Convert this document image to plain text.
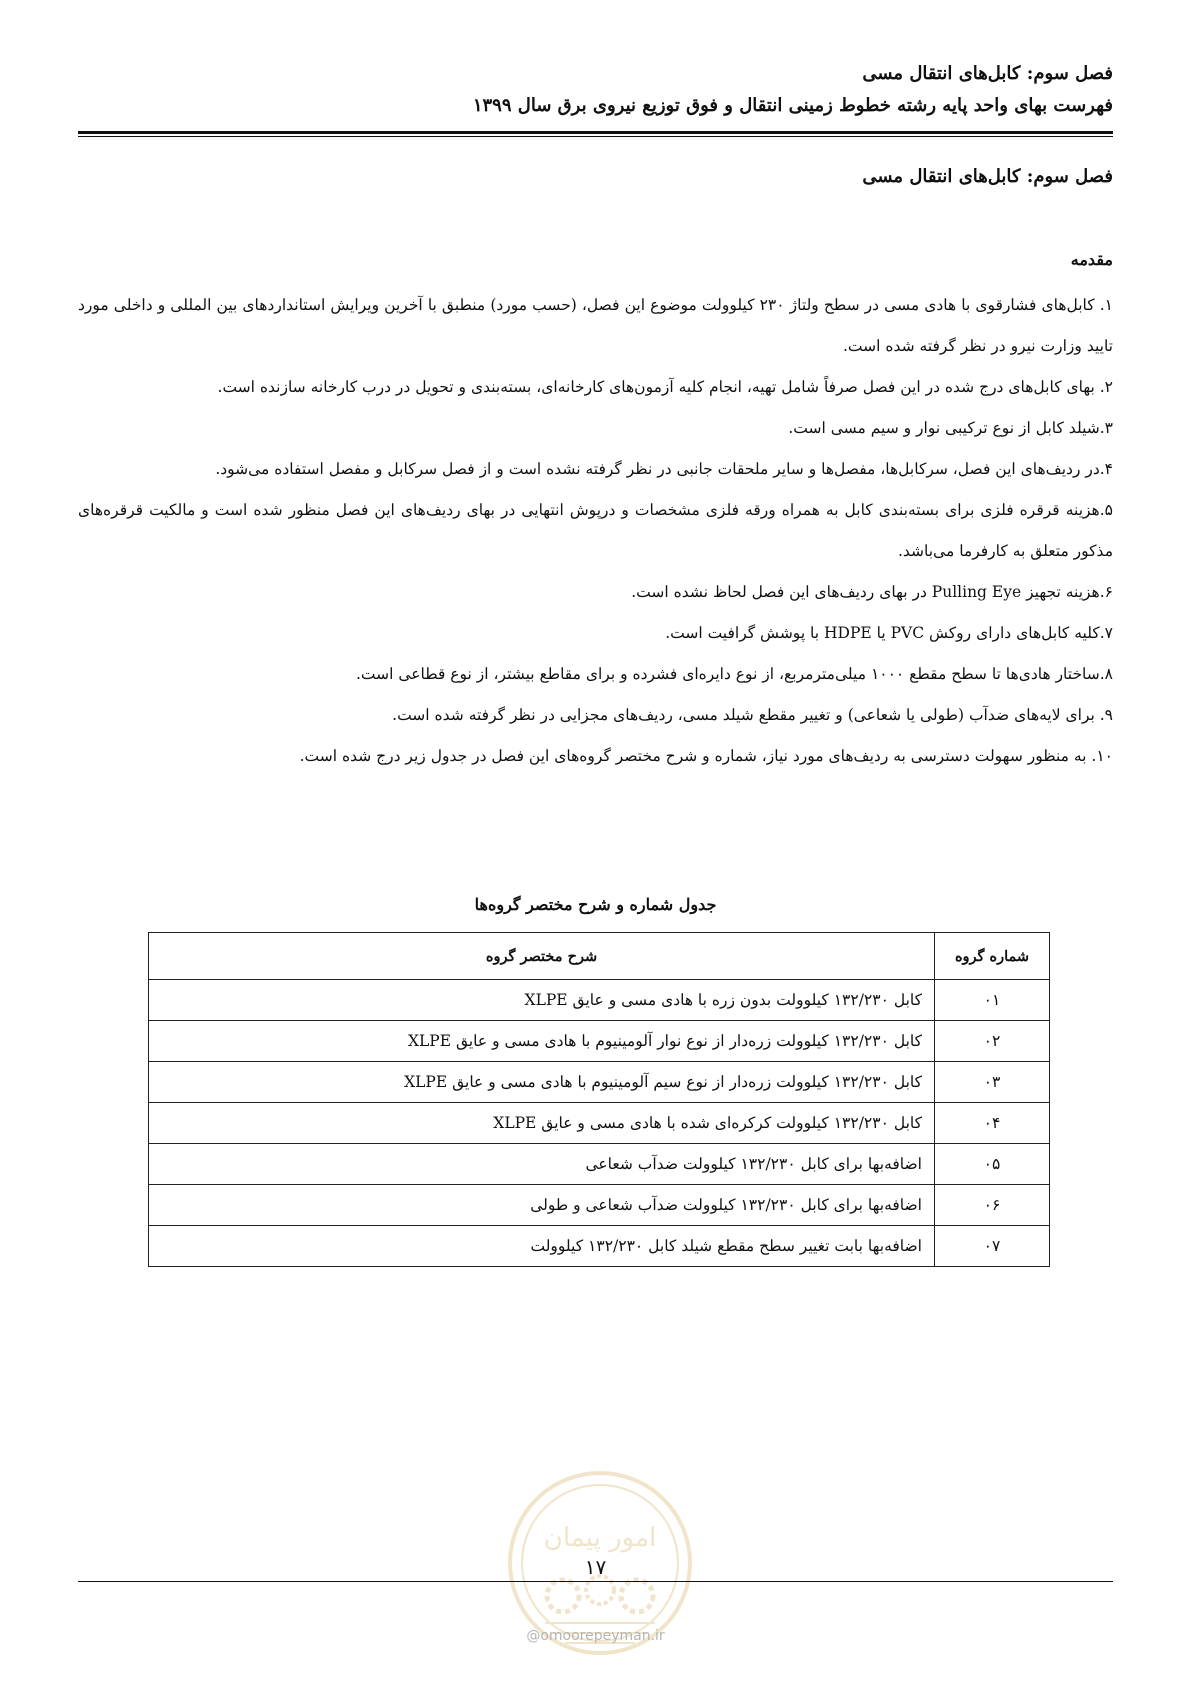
فصل سوم: کابل‌های انتقال مسی
فهرست بهای واحد پایه رشته خطوط زمینی انتقال و فوق توزیع نیروی برق سال ۱۳۹۹
فصل سوم: کابل‌های انتقال مسی
مقدمه

۱. کابل‌های فشارقوی با هادی مسی در سطح ولتاژ ۲۳۰ کیلوولت موضوع این فصل، (حسب مورد) منطبق با آخرین ویرایش استانداردهای بین المللی و داخلی مورد تایید وزارت نیرو در نظر گرفته شده است.

۲. بهای کابل‌های درج شده در این فصل صرفاً شامل تهیه، انجام کلیه آزمون‌های کارخانه‌ای، بسته‌بندی و تحویل در درب کارخانه سازنده است.

۳.شیلد کابل از نوع ترکیبی نوار و سیم مسی است.

۴.در ردیف‌های این فصل، سرکابل‌ها، مفصل‌ها و سایر ملحقات جانبی در نظر گرفته نشده است و از فصل سرکابل و مفصل استفاده می‌شود.

۵.هزینه قرقره فلزی برای بسته‌بندی کابل به همراه ورقه فلزی مشخصات و درپوش انتهایی در بهای ردیف‌های این فصل منظور شده است و مالکیت قرقره‌های مذکور متعلق به کارفرما می‌باشد.

۶.هزینه تجهیز Pulling Eye در بهای ردیف‌های این فصل لحاظ نشده است.

۷.کلیه کابل‌های دارای روکش PVC یا HDPE با پوشش گرافیت است.

۸.ساختار هادی‌ها تا سطح مقطع ۱۰۰۰ میلی‌مترمربع، از نوع دایره‌ای فشرده و برای مقاطع بیشتر، از نوع قطاعی است.

۹. برای لایه‌های ضدآب (طولی یا شعاعی) و تغییر مقطع شیلد مسی، ردیف‌های مجزایی در نظر گرفته شده است.

۱۰. به منظور سهولت دسترسی به ردیف‌های مورد نیاز، شماره و شرح مختصر گروه‌های این فصل در جدول زیر درج شده است.

جدول شماره و شرح مختصر گروه‌ها
شماره گروه	شرح مختصر گروه
۰۱	کابل ۱۳۲/۲۳۰ کیلوولت بدون زره با هادی مسی و عایق XLPE
۰۲	کابل ۱۳۲/۲۳۰ کیلوولت زره‌دار از نوع نوار آلومینیوم با هادی مسی و عایق XLPE
۰۳	کابل ۱۳۲/۲۳۰ کیلوولت زره‌دار از نوع سیم آلومینیوم با هادی مسی و عایق XLPE
۰۴	کابل ۱۳۲/۲۳۰ کیلوولت کرکره‌ای شده با هادی مسی و عایق XLPE
۰۵	اضافه‌بها برای کابل ۱۳۲/۲۳۰ کیلوولت ضدآب شعاعی
۰۶	اضافه‌بها برای کابل ۱۳۲/۲۳۰ کیلوولت ضدآب شعاعی و طولی
۰۷	اضافه‌بها بابت تغییر سطح مقطع شیلد کابل ۱۳۲/۲۳۰ کیلوولت
امور پیمان
۱۷
@omoorepeyman.ir
